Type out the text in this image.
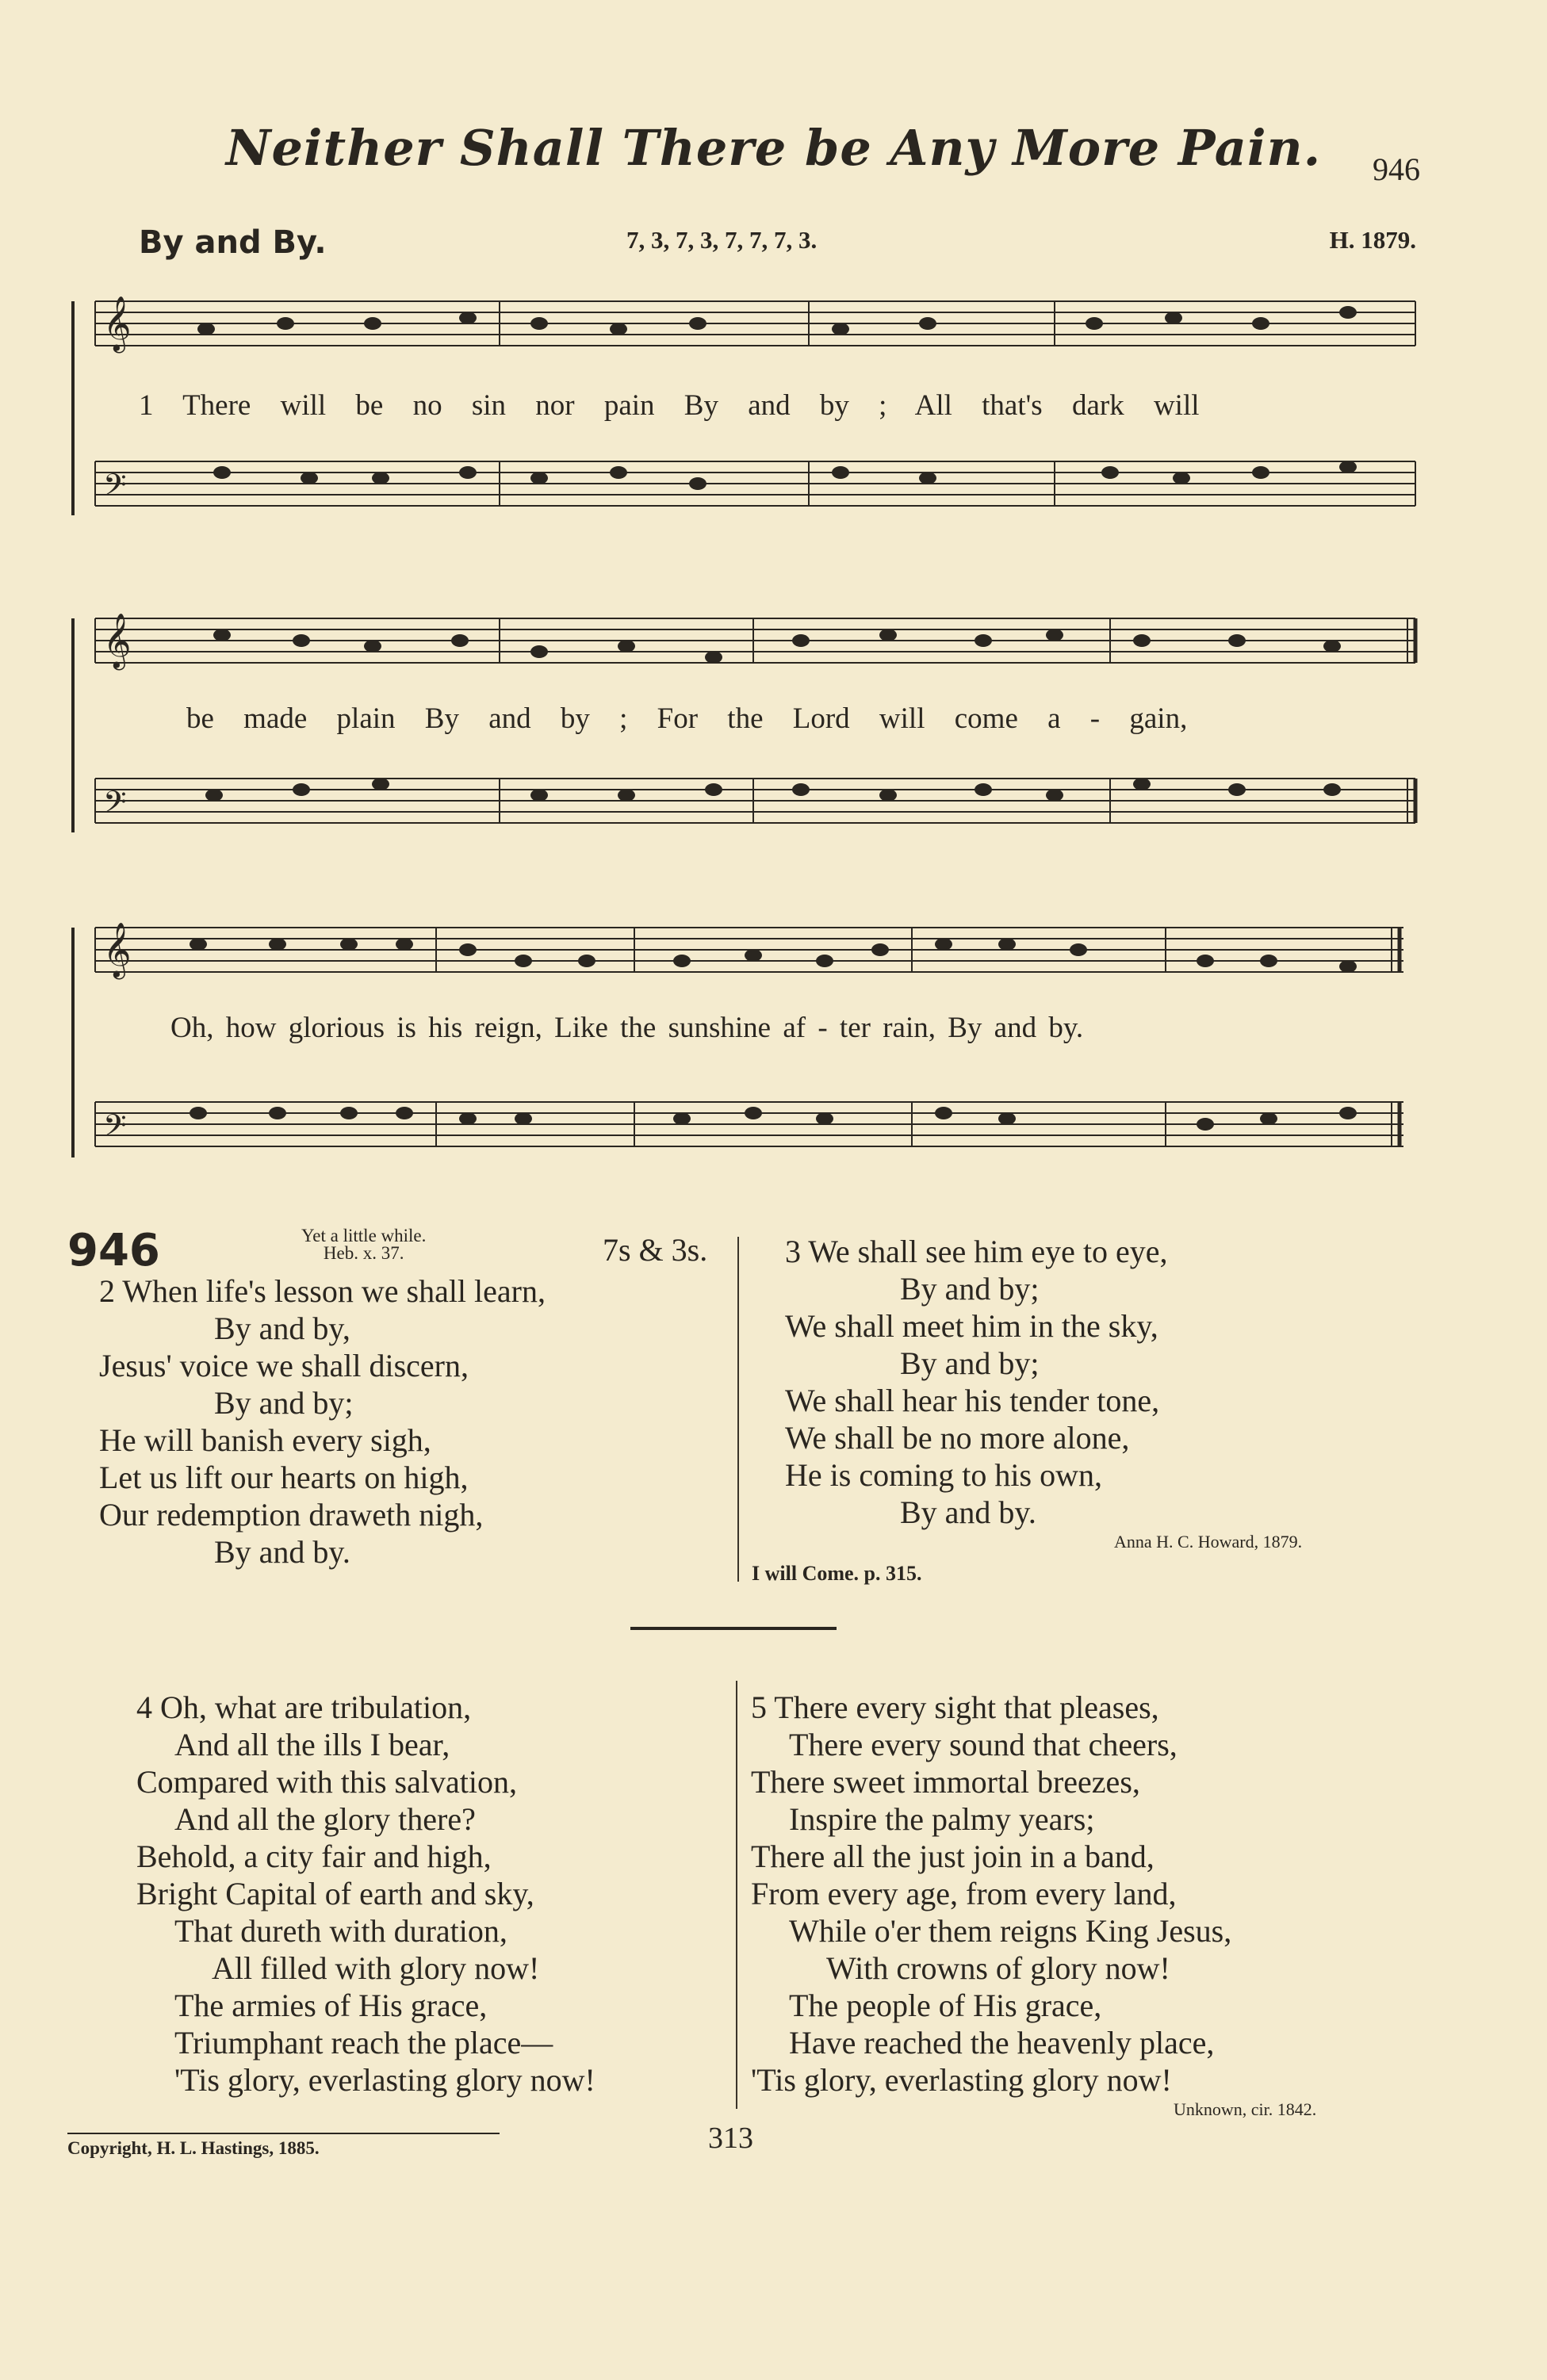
Neither Shall There be Any More Pain.	946
By and By.	7, 3, 7, 3, 7, 7, 7, 3.	H. 1879.
𝄞
𝄢
1 There will be no sin nor pain By and by ; All that's dark will
𝄞
𝄢
be made plain By and by ; For the Lord will come a - gain,
𝄞
𝄢
Oh, how glorious is his reign, Like the sunshine af - ter rain, By and by.
946	Yet a little while.
Heb. x. 37.	7s & 3s.
2 When life's lesson we shall learn,
By and by,
Jesus' voice we shall discern,
By and by;
He will banish every sigh,
Let us lift our hearts on high,
Our redemption draweth nigh,
By and by.
3 We shall see him eye to eye,
By and by;
We shall meet him in the sky,
By and by;
We shall hear his tender tone,
We shall be no more alone,
He is coming to his own,
By and by.
Anna H. C. Howard, 1879.
I will Come. p. 315.
4 Oh, what are tribulation,
And all the ills I bear,
Compared with this salvation,
And all the glory there?
Behold, a city fair and high,
Bright Capital of earth and sky,
That dureth with duration,
All filled with glory now!
The armies of His grace,
Triumphant reach the place—
'Tis glory, everlasting glory now!
5 There every sight that pleases,
There every sound that cheers,
There sweet immortal breezes,
Inspire the palmy years;
There all the just join in a band,
From every age, from every land,
While o'er them reigns King Jesus,
With crowns of glory now!
The people of His grace,
Have reached the heavenly place,
'Tis glory, everlasting glory now!
Unknown, cir. 1842.
Copyright, H. L. Hastings, 1885.	313
